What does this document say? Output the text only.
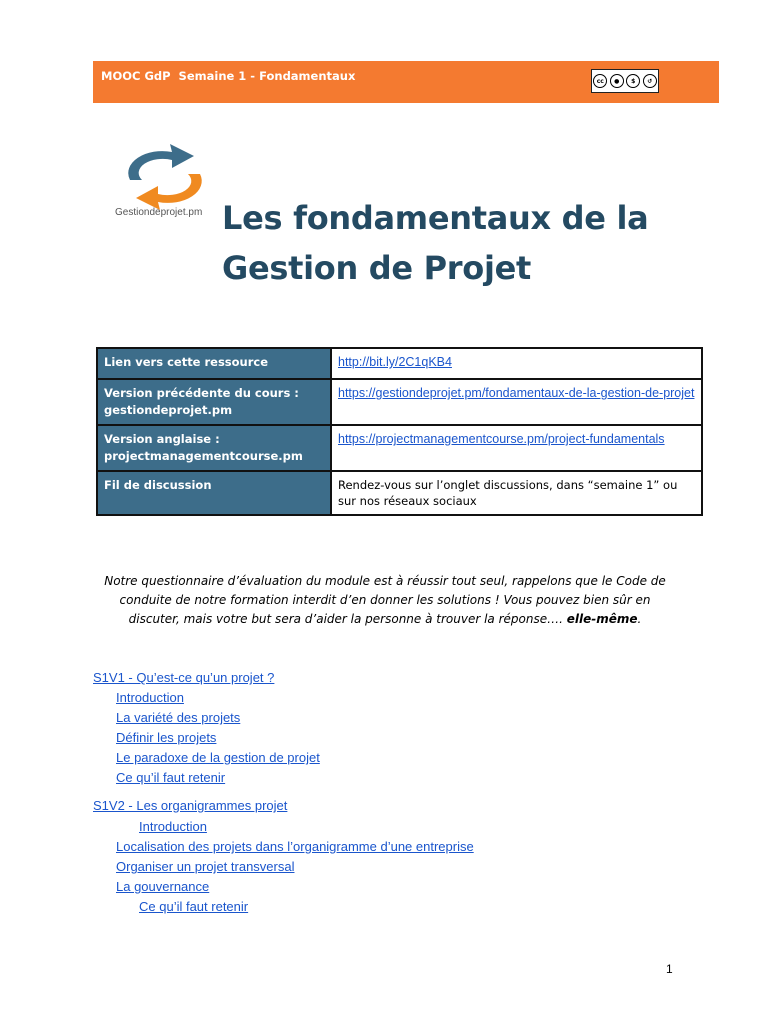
MOOC GdP  Semaine 1 - Fondamentaux	cc	●	$	↺
Gestiondeprojet.pm Les fondamentaux de la
Gestion de Projet
Lien vers cette ressource	http://bit.ly/2C1qKB4
Version précédente du cours : gestiondeprojet.pm	https://gestiondeprojet.pm/fondamentaux-de-la-gestion-de-projet
Version anglaise : projectmanagementcourse.pm	https://projectmanagementcourse.pm/project-fundamentals
Fil de discussion	Rendez-vous sur l’onglet discussions, dans “semaine 1” ou sur nos réseaux sociaux

Notre questionnaire d’évaluation du module est à réussir tout seul, rappelons que le Code de conduite de notre formation interdit d’en donner les solutions ! Vous pouvez bien sûr en discuter, mais votre but sera d’aider la personne à trouver la réponse…. elle-même.

S1V1 - Qu’est-ce qu’un projet ?
Introduction
La variété des projets
Définir les projets
Le paradoxe de la gestion de projet
Ce qu’il faut retenir
S1V2 - Les organigrammes projet
Introduction
Localisation des projets dans l’organigramme d’une entreprise
Organiser un projet transversal
La gouvernance
Ce qu’il faut retenir
1
